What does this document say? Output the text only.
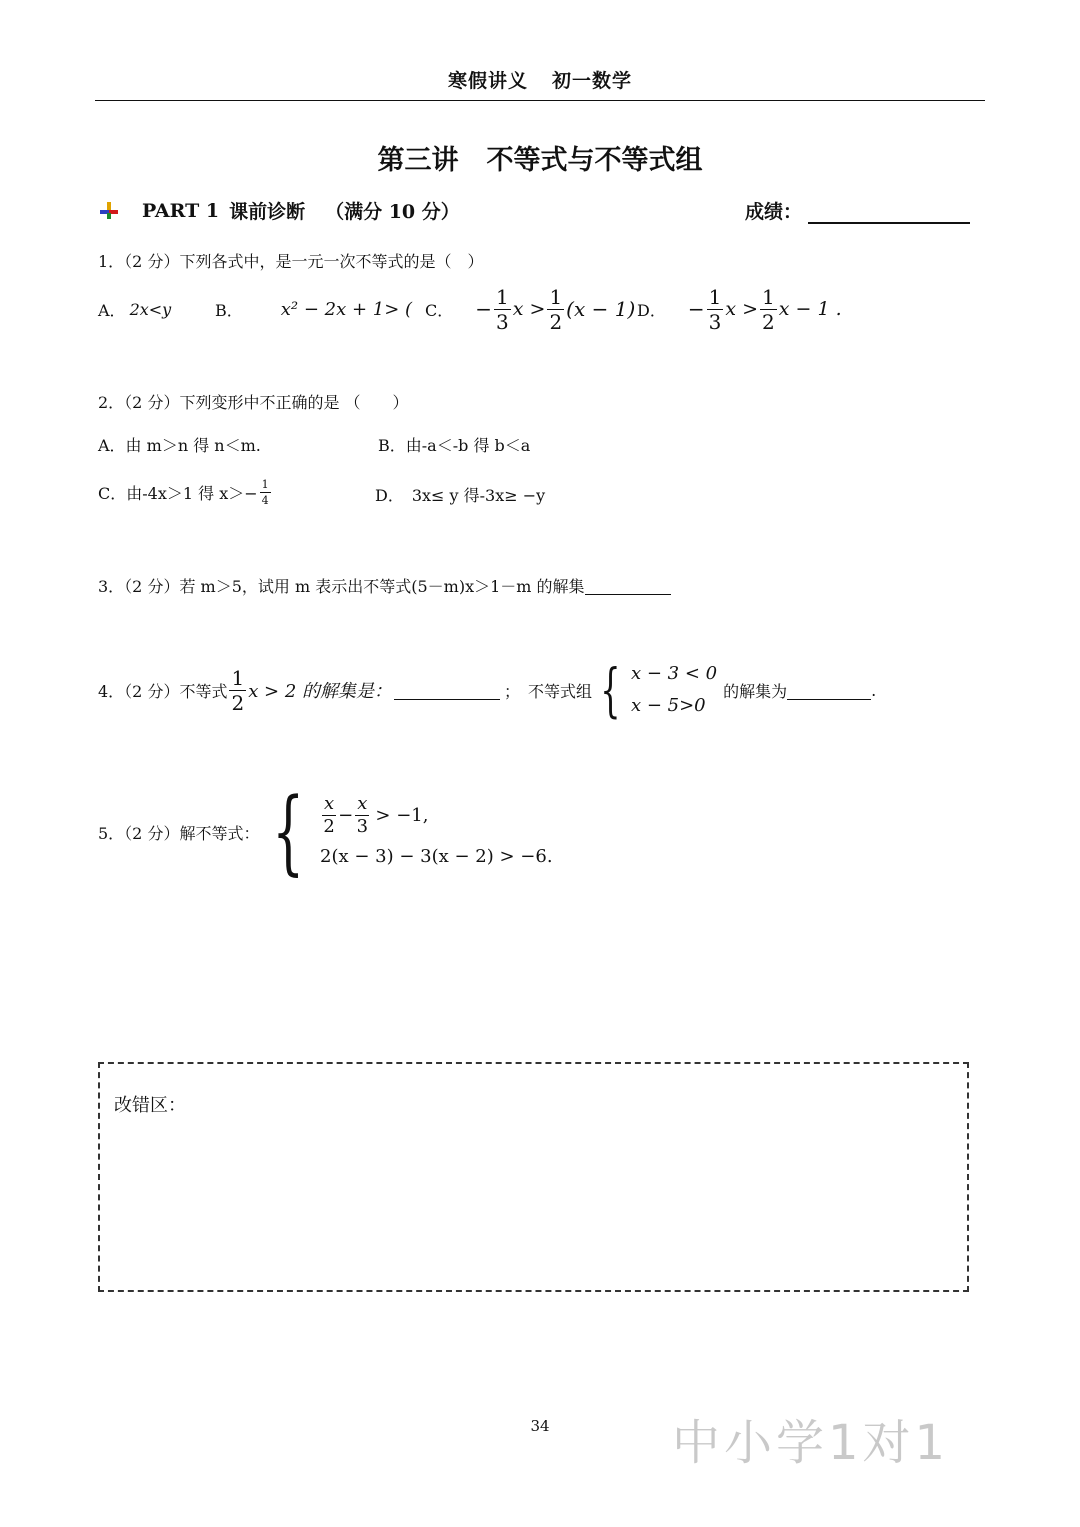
寒假讲义 初一数学
第三讲 不等式与不等式组
PART 1 课前诊断 （满分 10 分）	成绩：
1．（2 分）下列各式中，是一元一次不等式的是（　）
A． 2x<y	B． x² − 2x + 1> ( C． − $\frac{1}{3}$ $x > \frac{1}{2} (x - 1)$ D． − $\frac{1}{3}$ $x > \frac{1}{2}$ x − 1 .
2．（2 分）下列变形中不正确的是 （　　）
A．由 m＞n 得 n＜m.	B．由-a＜-b 得 b＜a
C．由-4x＞1 得 $x>- \frac{1}{4}$	D．　3x≤ y 得-3x≥ −y
3．（2 分）若 m＞5，试用 m 表示出不等式(5－m)x＞1－m 的解集
4．（2 分）不等式 $\frac{1}{2}$ x > 2 的解集是：	；　不等式组 { x − 3 < 0
x − 5>0
的解集为	.
5．（2 分）解不等式： { $\frac{x}{2} - \frac{x}{3} > -1$,
2(x − 3) − 3(x − 2) > −6.
改错区：
34	中小学1对1
